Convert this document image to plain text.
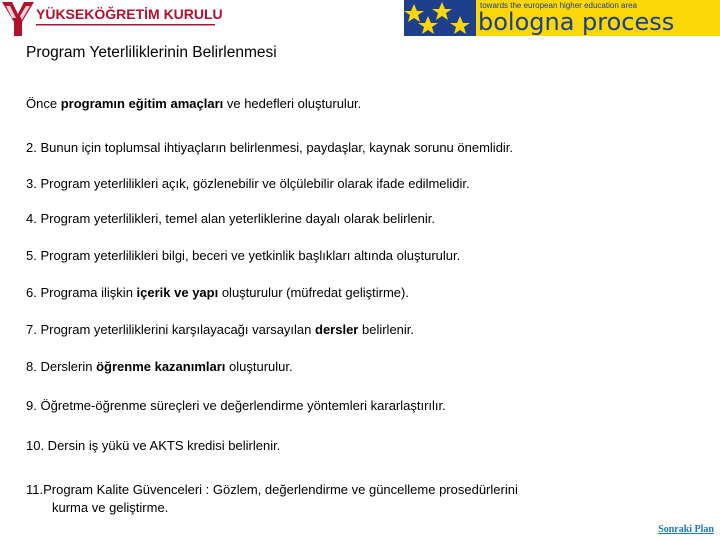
YÜKSEKÖĞRETİM KURULU
towards the european higher education area
bologna process
Program Yeterliliklerinin Belirlenmesi
Önce programın eğitim amaçları ve hedefleri oluşturulur.
2. Bunun için toplumsal ihtiyaçların belirlenmesi, paydaşlar, kaynak sorunu önemlidir.
3. Program yeterlilikleri açık, gözlenebilir ve ölçülebilir olarak ifade edilmelidir.
4. Program yeterlilikleri, temel alan yeterliklerine dayalı olarak belirlenir.
5. Program yeterlilikleri bilgi, beceri ve yetkinlik başlıkları altında oluşturulur.
6. Programa ilişkin içerik ve yapı oluşturulur (müfredat geliştirme).
7. Program yeterliliklerini karşılayacağı varsayılan dersler belirlenir.
8. Derslerin öğrenme kazanımları oluşturulur.
9. Öğretme-öğrenme süreçleri ve değerlendirme yöntemleri kararlaştırılır.
10. Dersin iş yükü ve AKTS kredisi belirlenir.
11.Program Kalite Güvenceleri : Gözlem, değerlendirme ve güncelleme prosedürlerini
kurma ve geliştirme.
Sonraki Plan
